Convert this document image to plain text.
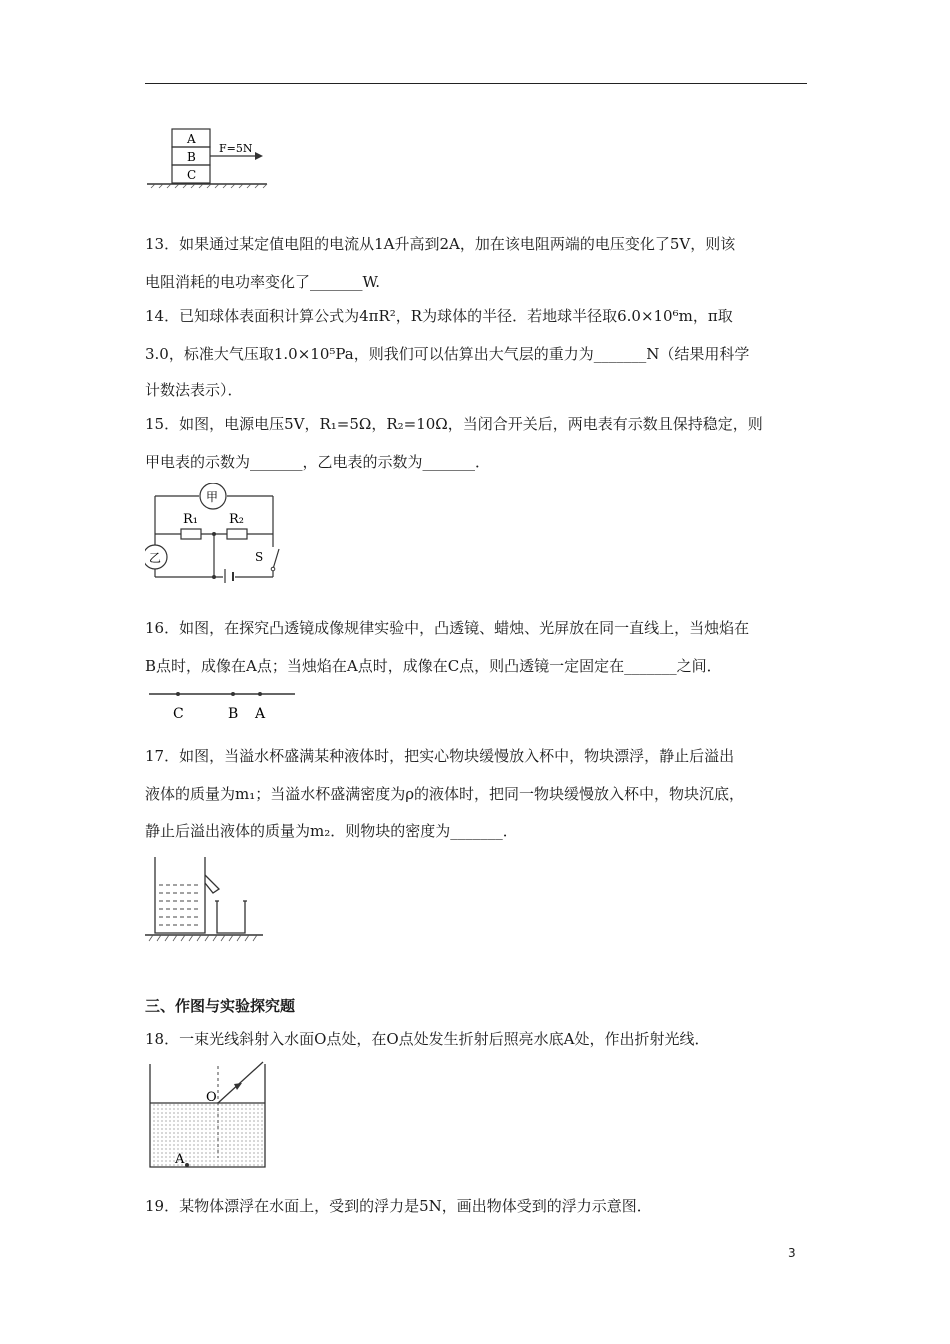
A
B
C
F=5N
13．如果通过某定值电阻的电流从1A升高到2A，加在该电阻两端的电压变化了5V，则该
电阻消耗的电功率变化了_______W.
14．已知球体表面积计算公式为4πR²，R为球体的半径．若地球半径取6.0×10⁶m，π取
3.0，标准大气压取1.0×10⁵Pa，则我们可以估算出大气层的重力为_______N（结果用科学
计数法表示）．
15．如图，电源电压5V，R₁=5Ω，R₂=10Ω，当闭合开关后，两电表有示数且保持稳定，则
甲电表的示数为_______，乙电表的示数为_______．
甲
乙
R₁ R₂
S
16．如图，在探究凸透镜成像规律实验中，凸透镜、蜡烛、光屏放在同一直线上，当烛焰在
B点时，成像在A点；当烛焰在A点时，成像在C点，则凸透镜一定固定在_______之间．
C	B A
17．如图，当溢水杯盛满某种液体时，把实心物块缓慢放入杯中，物块漂浮，静止后溢出
液体的质量为m₁；当溢水杯盛满密度为ρ的液体时，把同一物块缓慢放入杯中，物块沉底，
静止后溢出液体的质量为m₂．则物块的密度为_______．
三、作图与实验探究题
18．一束光线斜射入水面O点处，在O点处发生折射后照亮水底A处，作出折射光线．
O
A
19．某物体漂浮在水面上，受到的浮力是5N，画出物体受到的浮力示意图．
3
